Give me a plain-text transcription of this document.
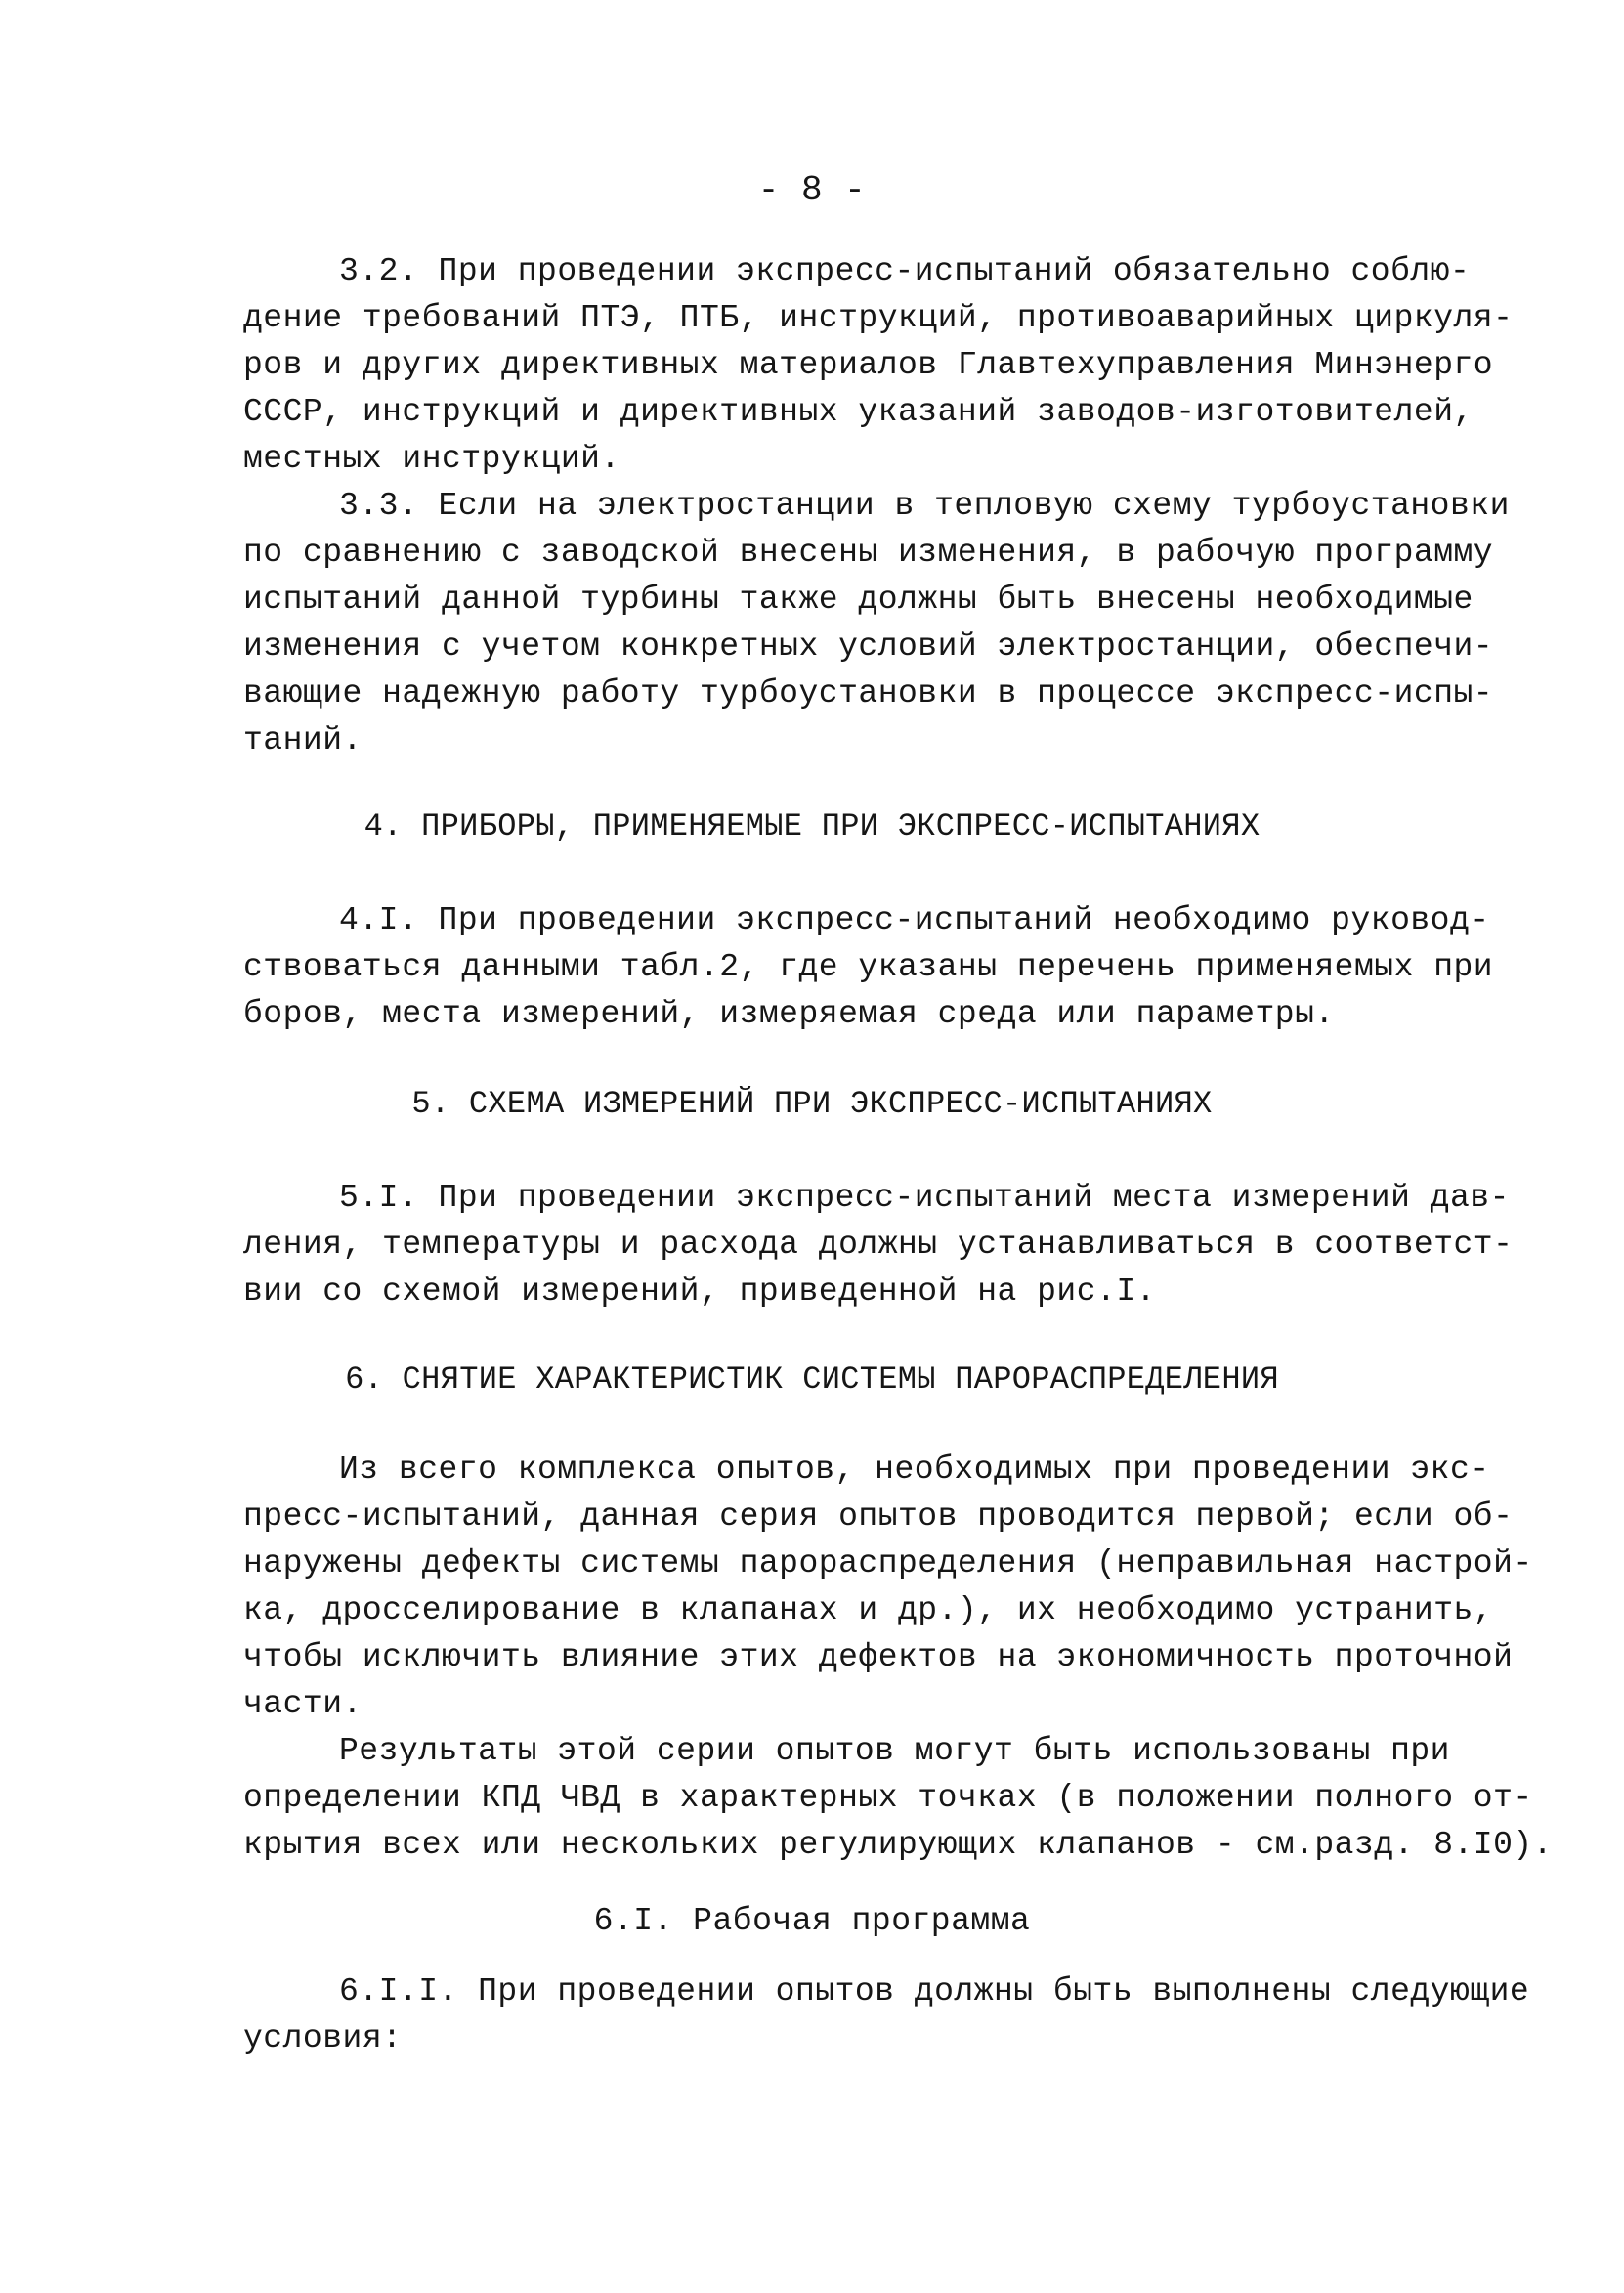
- 8 -
3.2. При проведении экспресс-испытаний обязательно соблю-
дение требований ПТЭ, ПТБ, инструкций, противоаварийных циркуля-
ров и других директивных материалов Главтехуправления Минэнерго
СССР, инструкций и директивных указаний заводов-изготовителей,
местных инструкций.
3.3. Если на электростанции в тепловую схему турбоустановки
по сравнению с заводской внесены изменения, в рабочую программу
испытаний данной турбины также должны быть внесены необходимые
изменения с учетом конкретных условий электростанции, обеспечи-
вающие надежную работу турбоустановки в процессе экспресс-испы-
таний.
4. ПРИБОРЫ, ПРИМЕНЯЕМЫЕ ПРИ ЭКСПРЕСС-ИСПЫТАНИЯХ
4.I. При проведении экспресс-испытаний необходимо руковод-
ствоваться данными табл.2, где указаны перечень применяемых при
боров, места измерений, измеряемая среда или параметры.
5. СХЕМА ИЗМЕРЕНИЙ ПРИ ЭКСПРЕСС-ИСПЫТАНИЯХ
5.I. При проведении экспресс-испытаний места измерений дав-
ления, температуры и расхода должны устанавливаться в соответст-
вии со схемой измерений, приведенной на рис.I.
6. СНЯТИЕ ХАРАКТЕРИСТИК СИСТЕМЫ ПАРОРАСПРЕДЕЛЕНИЯ
Из всего комплекса опытов, необходимых при проведении экс-
пресс-испытаний, данная серия опытов проводится первой; если об-
наружены дефекты системы парораспределения (неправильная настрой-
ка, дросселирование в клапанах и др.), их необходимо устранить,
чтобы исключить влияние этих дефектов на экономичность проточной
части.
Результаты этой серии опытов могут быть использованы при
определении КПД ЧВД в характерных точках (в положении полного от-
крытия всех или нескольких регулирующих клапанов - см.разд. 8.I0).
6.I. Рабочая программа
6.I.I. При проведении опытов должны быть выполнены следующие
условия:
